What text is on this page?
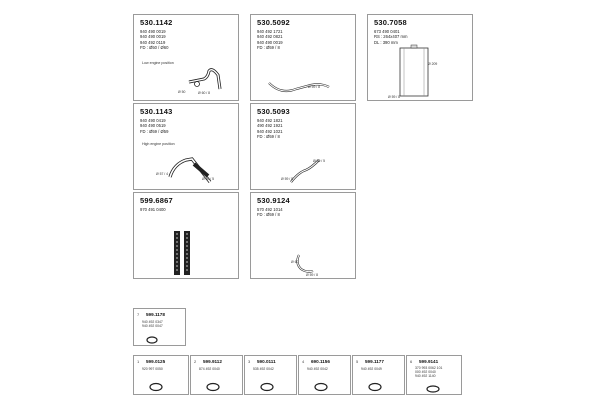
530.1142
940 490 0019
940 490 0019
940 492 0119
FD : Ø50 / Ø60
Low engine position
Ø 50	Ø 60 / 8
530.5092
940 492 1721
940 492 0821
940 490 0019
FD : Ø59 / 8
Ø 59 / 8
530.7058
673 490 0401
RS : 264x407 mm
DL : 390 mm
Ø 209
Ø 59 / 8
530.1143
940 490 0419
940 490 0519
FD : Ø59 / Ø59
High engine position
Ø 57 / 4
Ø 50 / 5
530.5093
940 492 1821
490 492 1921
940 492 1021
FD : Ø59 / 8
Ø 59 / 8
Ø 59 / 5
599.6867
970 491 0400
530.9124
570 492 1014
FD : Ø59 / 8
Ø 60
Ø 59 / 8
7 599.1178
940 492 0347
940 492 0047
1 599.0125
920 997 0050
2 599.9112
874 492 0040
3 590.0111
535 492 0042
4 690.1156
940 492 0042
5 599.1177
940 492 0049
6 599.9141
370 993 0062 101
000 492 0040
940 492 1140
